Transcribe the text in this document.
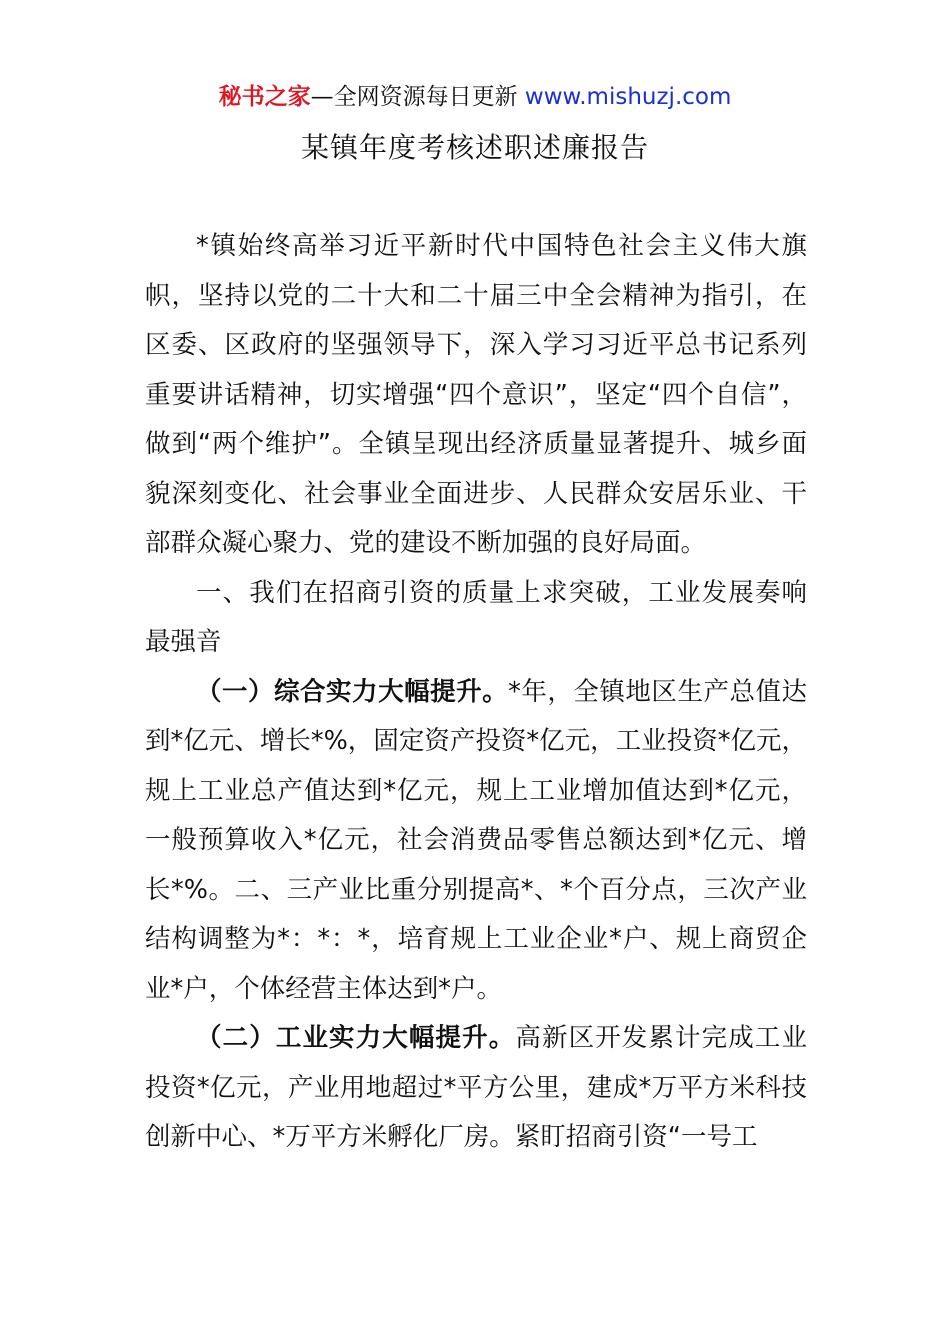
秘书之家—全网资源每日更新 www.mishuzj.com
某镇年度考核述职述廉报告

*镇始终高举习近平新时代中国特色社会主义伟大旗帜，坚持以党的二十大和二十届三中全会精神为指引，在区委、区政府的坚强领导下，深入学习习近平总书记系列重要讲话精神，切实增强“四个意识”，坚定“四个自信”，做到“两个维护”。全镇呈现出经济质量显著提升、城乡面貌深刻变化、社会事业全面进步、人民群众安居乐业、干部群众凝心聚力、党的建设不断加强的良好局面。

一、我们在招商引资的质量上求突破，工业发展奏响最强音

（一）综合实力大幅提升。*年，全镇地区生产总值达到*亿元、增长*%，固定资产投资*亿元，工业投资*亿元，规上工业总产值达到*亿元，规上工业增加值达到*亿元，一般预算收入*亿元，社会消费品零售总额达到*亿元、增长*%。二、三产业比重分别提高*、*个百分点，三次产业结构调整为*：*：*，培育规上工业企业*户、规上商贸企业*户，个体经营主体达到*户。

（二）工业实力大幅提升。高新区开发累计完成工业投资*亿元，产业用地超过*平方公里，建成*万平方米科技创新中心、*万平方米孵化厂房。紧盯招商引资“一号工
